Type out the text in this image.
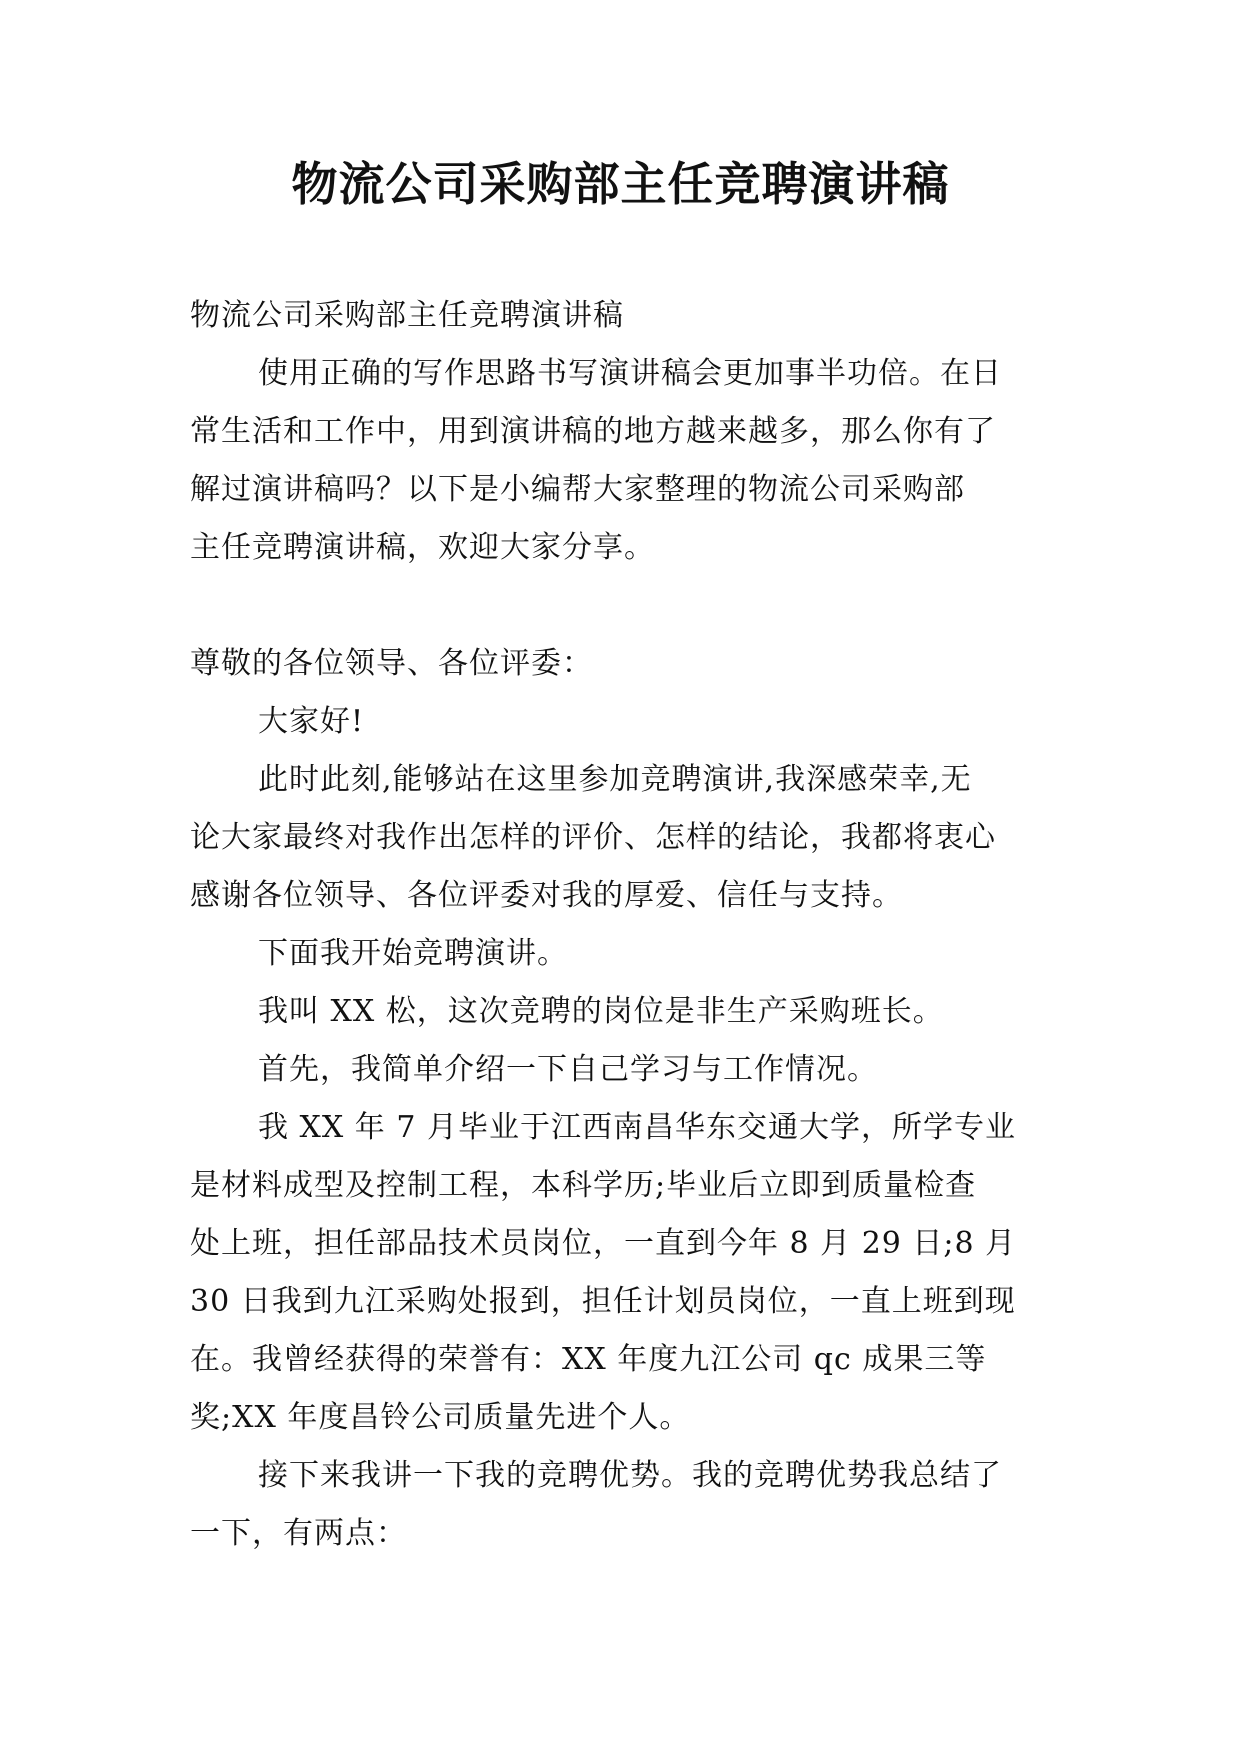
物流公司采购部主任竞聘演讲稿

物流公司采购部主任竞聘演讲稿

使用正确的写作思路书写演讲稿会更加事半功倍。在日

常生活和工作中，用到演讲稿的地方越来越多，那么你有了

解过演讲稿吗？以下是小编帮大家整理的物流公司采购部

主任竞聘演讲稿，欢迎大家分享。

尊敬的各位领导、各位评委：

大家好!

此时此刻,能够站在这里参加竞聘演讲,我深感荣幸,无

论大家最终对我作出怎样的评价、怎样的结论，我都将衷心

感谢各位领导、各位评委对我的厚爱、信任与支持。

下面我开始竞聘演讲。

我叫 XX 松，这次竞聘的岗位是非生产采购班长。

首先，我简单介绍一下自己学习与工作情况。

我 XX 年 7 月毕业于江西南昌华东交通大学，所学专业

是材料成型及控制工程，本科学历;毕业后立即到质量检查

处上班，担任部品技术员岗位，一直到今年 8 月 29 日;8 月

30 日我到九江采购处报到，担任计划员岗位，一直上班到现

在。我曾经获得的荣誉有：XX 年度九江公司 qc 成果三等

奖;XX 年度昌铃公司质量先进个人。

接下来我讲一下我的竞聘优势。我的竞聘优势我总结了

一下，有两点：
